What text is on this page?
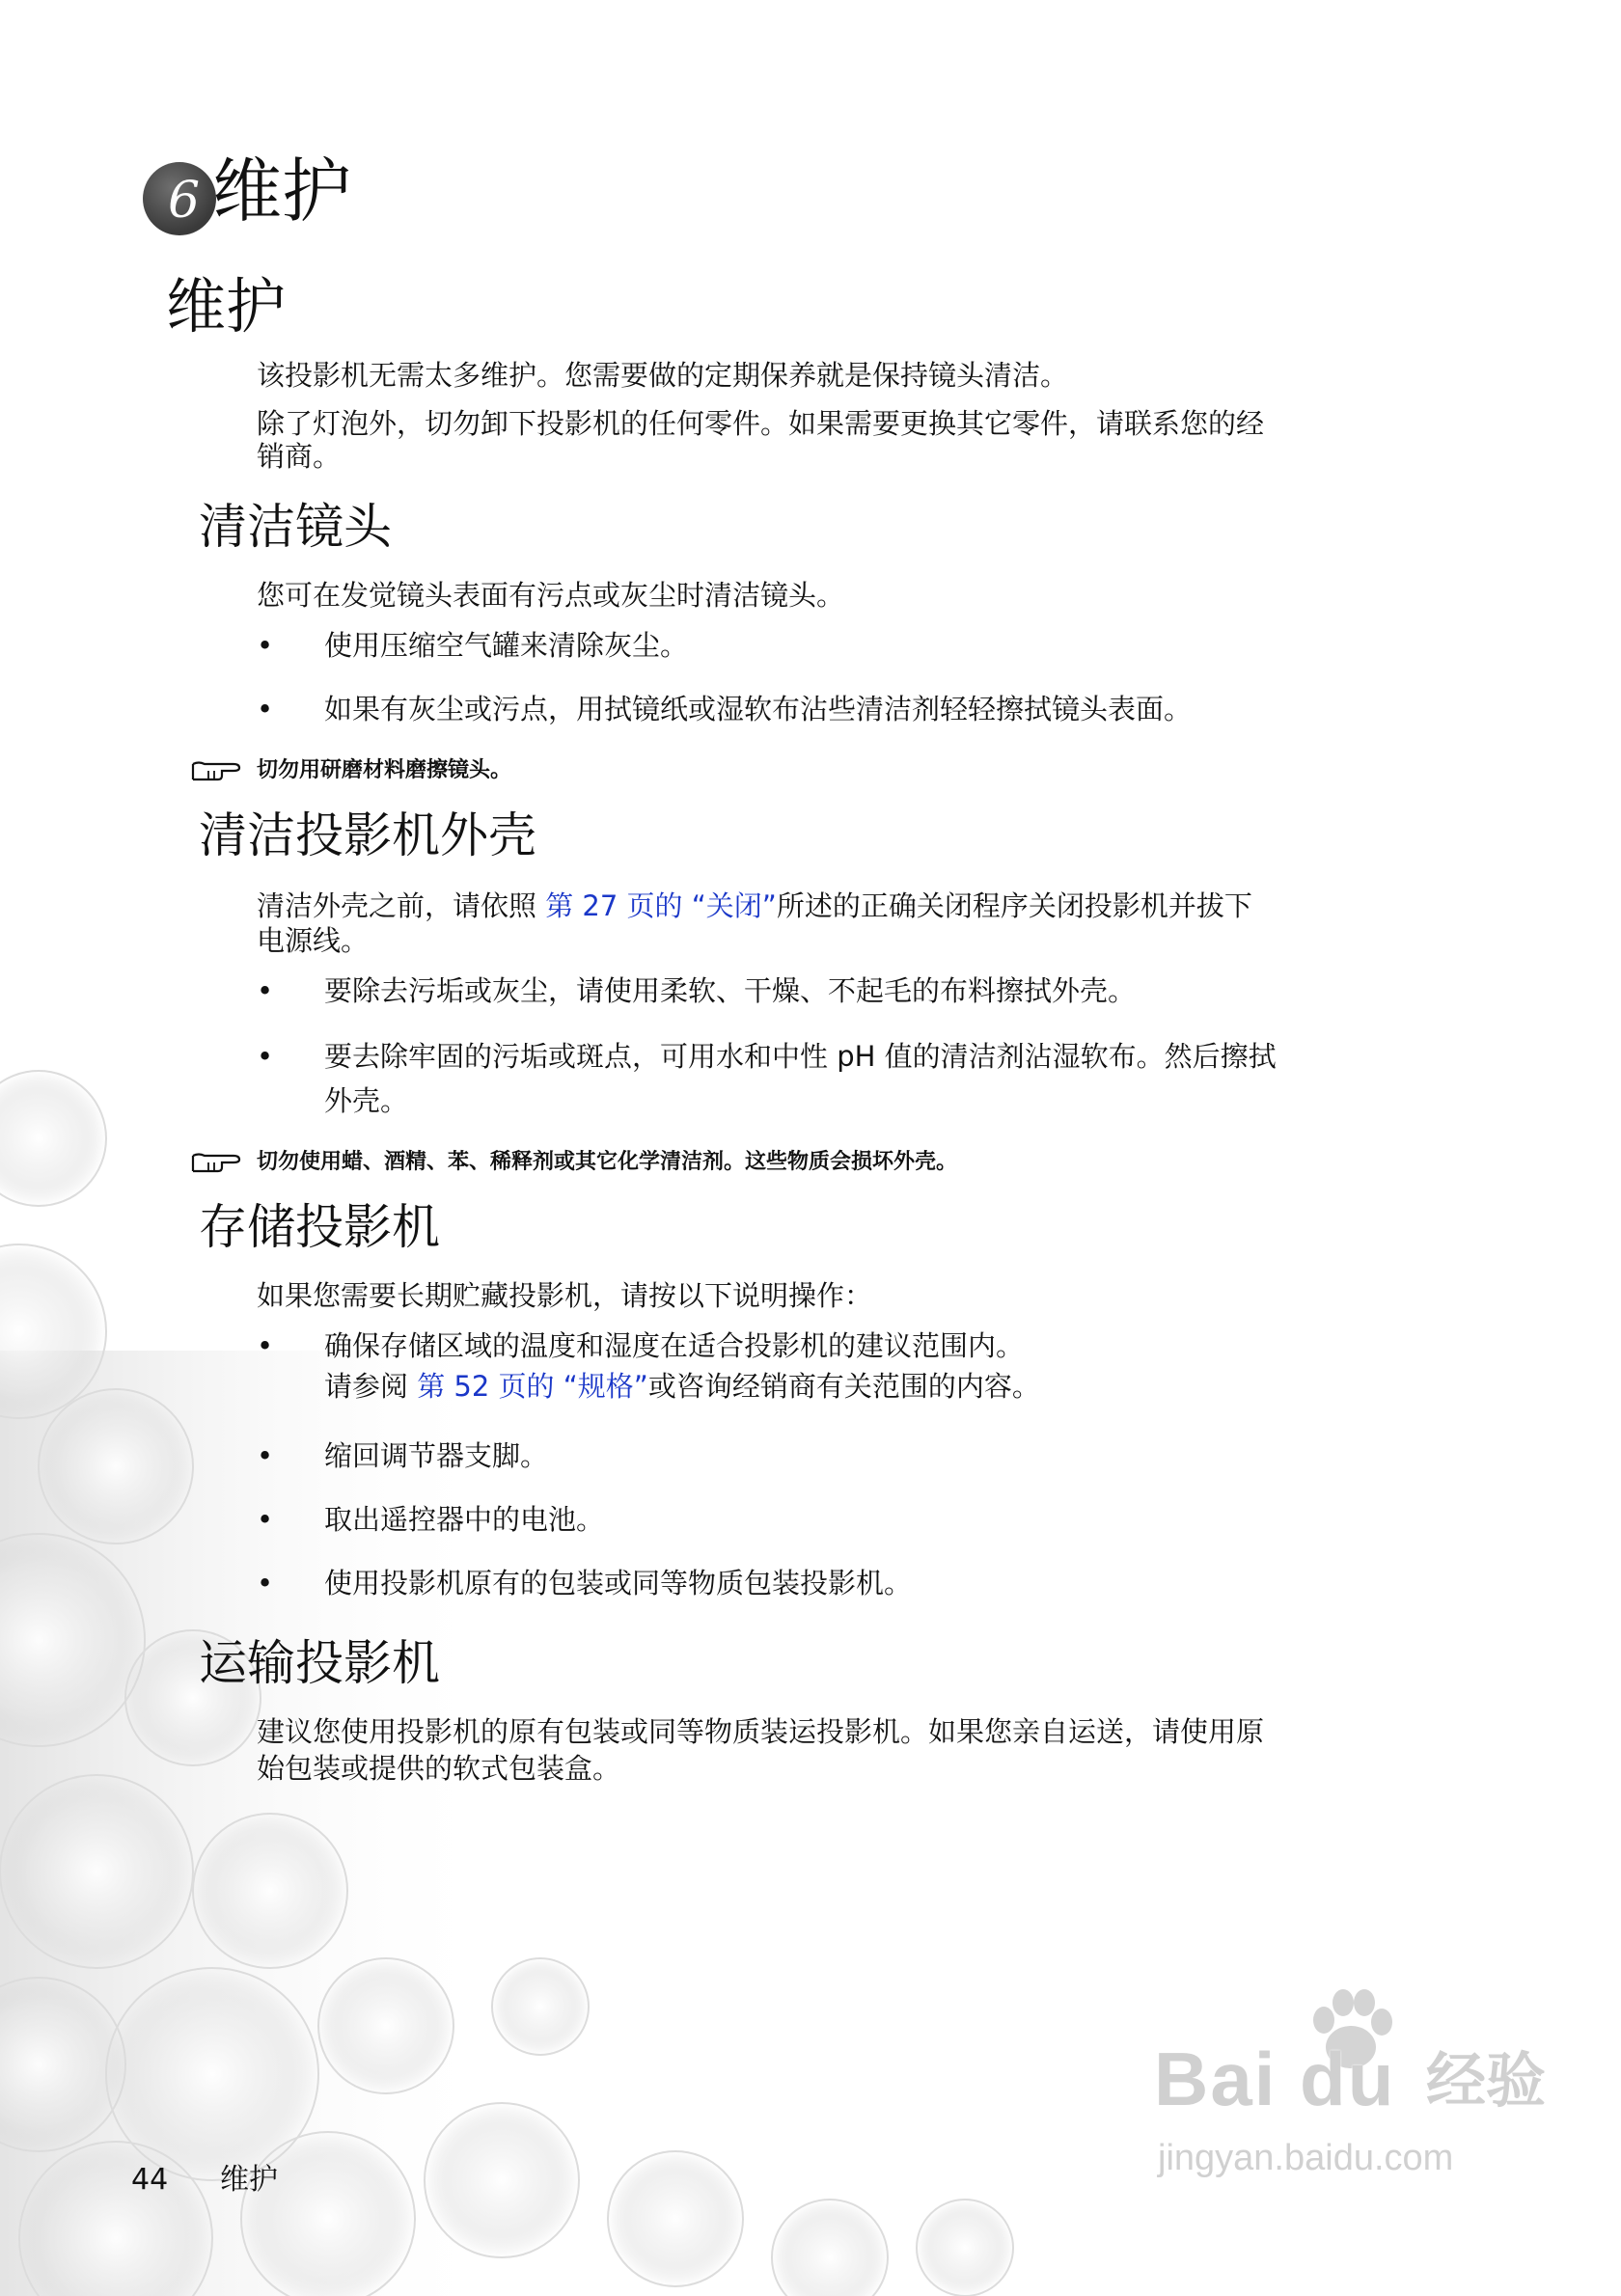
6 维护
维护
该投影机无需太多维护。您需要做的定期保养就是保持镜头清洁。
除了灯泡外，切勿卸下投影机的任何零件。如果需要更换其它零件，请联系您的经
销商。
清洁镜头
您可在发觉镜头表面有污点或灰尘时清洁镜头。
• 使用压缩空气罐来清除灰尘。
• 如果有灰尘或污点，用拭镜纸或湿软布沾些清洁剂轻轻擦拭镜头表面。
切勿用研磨材料磨擦镜头。
清洁投影机外壳
清洁外壳之前，请依照 第 27 页的 “关闭”所述的正确关闭程序关闭投影机并拔下
电源线。
• 要除去污垢或灰尘，请使用柔软、干燥、不起毛的布料擦拭外壳。
• 要去除牢固的污垢或斑点，可用水和中性 pH 值的清洁剂沾湿软布。然后擦拭
外壳。
切勿使用蜡、酒精、苯、稀释剂或其它化学清洁剂。这些物质会损坏外壳。
存储投影机
如果您需要长期贮藏投影机，请按以下说明操作：
• 确保存储区域的温度和湿度在适合投影机的建议范围内。
请参阅 第 52 页的 “规格”或咨询经销商有关范围的内容。
• 缩回调节器支脚。
• 取出遥控器中的电池。
• 使用投影机原有的包装或同等物质包装投影机。
运输投影机
建议您使用投影机的原有包装或同等物质装运投影机。如果您亲自运送，请使用原
始包装或提供的软式包装盒。
44 维护
Bai du 经验
jingyan.baidu.com
